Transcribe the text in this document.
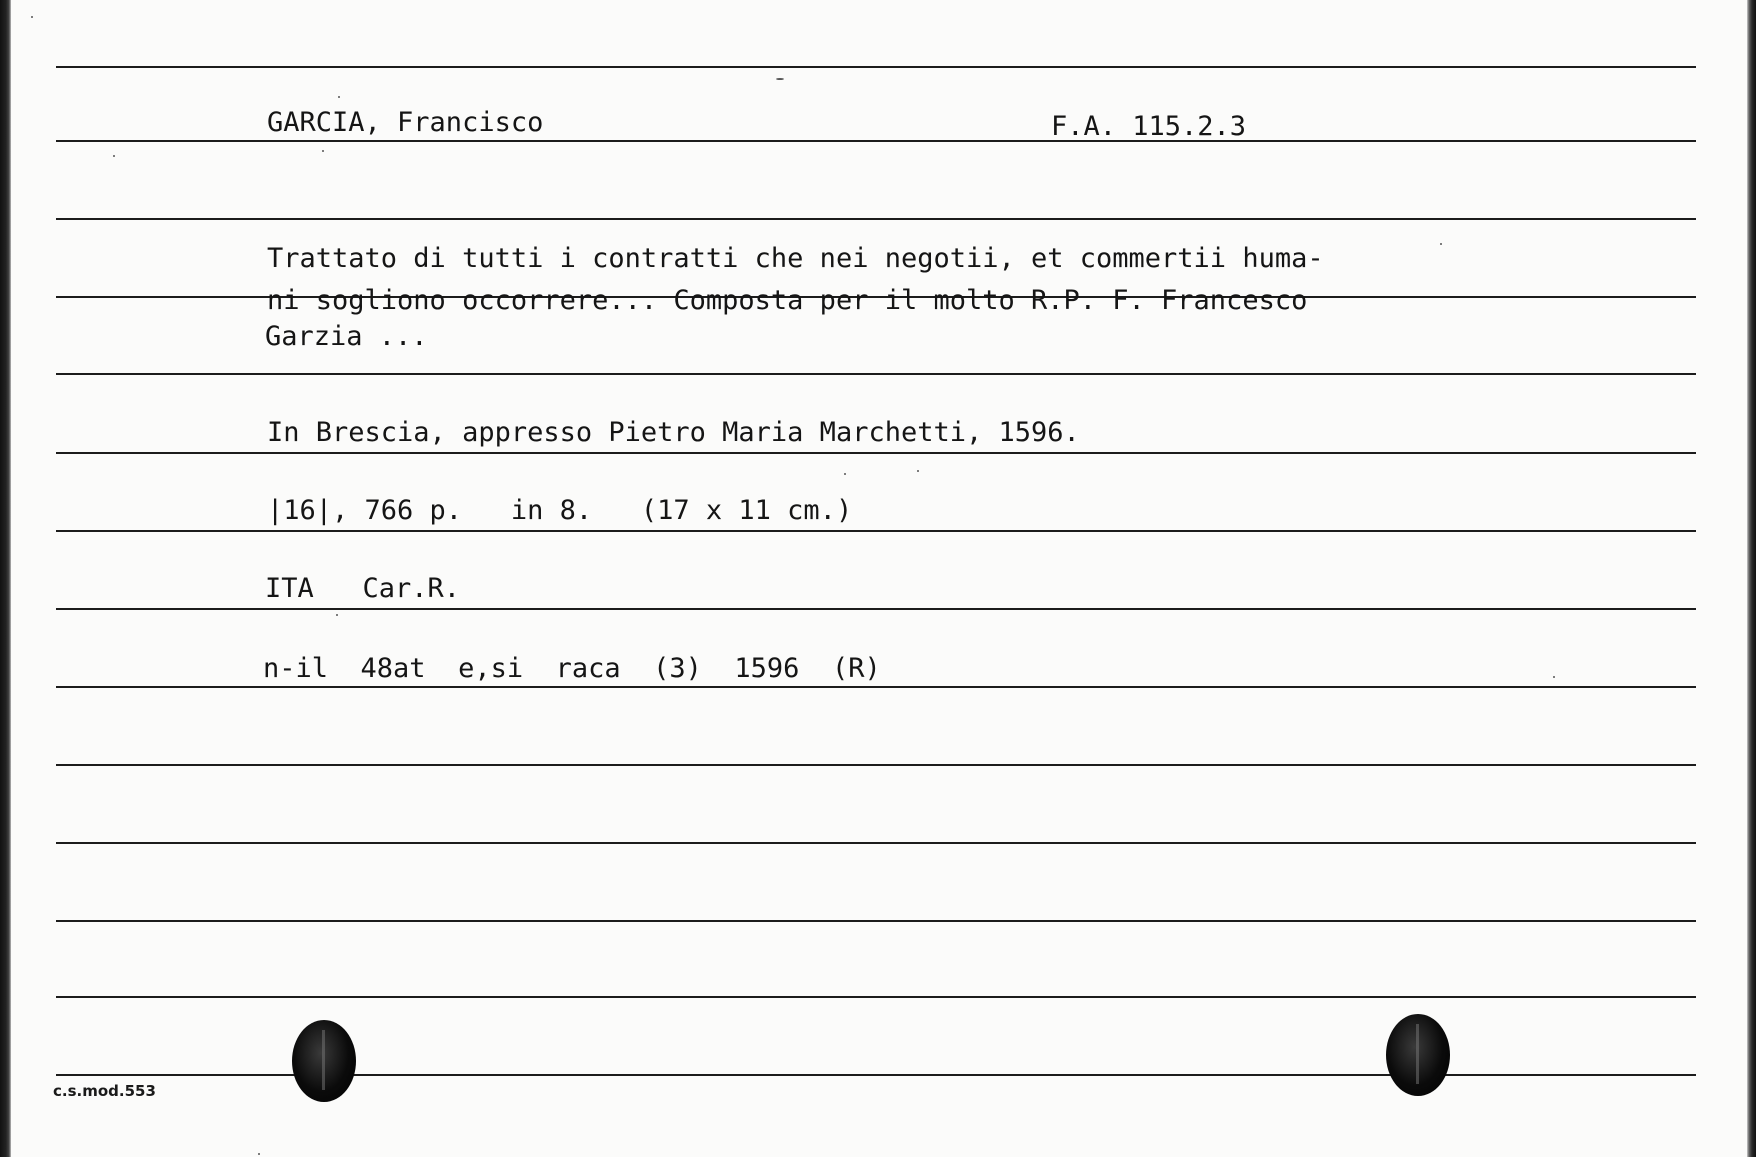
GARCIA, Francisco	F.A. 115.2.3
Trattato di tutti i contratti che nei negotii, et commertii huma-
ni sogliono occorrere... Composta per il molto R.P. F. Francesco
Garzia ...
In Brescia, appresso Pietro Maria Marchetti, 1596.
|16|, 766 p.   in 8.   (17 x 11 cm.)
ITA   Car.R.
n-il  48at  e,si  raca  (3)  1596  (R)
c.s.mod.553
